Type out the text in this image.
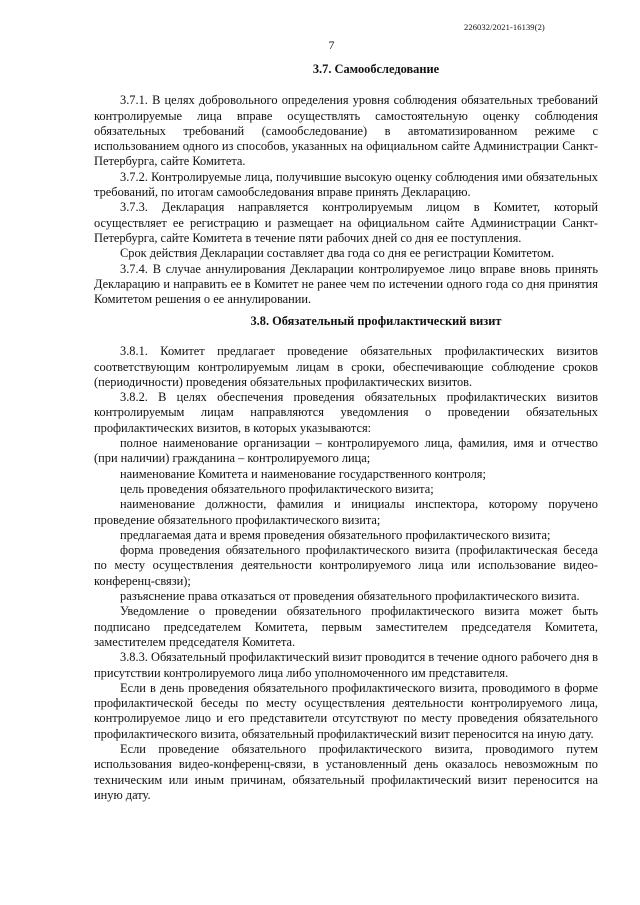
226032/2021-16139(2)
7
3.7. Самообследование

3.7.1. В целях добровольного определения уровня соблюдения обязательных требований контролируемые лица вправе осуществлять самостоятельную оценку соблюдения обязательных требований (самообследование) в автоматизированном режиме с использованием одного из способов, указанных на официальном сайте Администрации Санкт-Петербурга, сайте Комитета.

3.7.2. Контролируемые лица, получившие высокую оценку соблюдения ими обязательных требований, по итогам самообследования вправе принять Декларацию.

3.7.3. Декларация направляется контролируемым лицом в Комитет, который осуществляет ее регистрацию и размещает на официальном сайте Администрации Санкт-Петербурга, сайте Комитета в течение пяти рабочих дней со дня ее поступления.

Срок действия Декларации составляет два года со дня ее регистрации Комитетом.

3.7.4. В случае аннулирования Декларации контролируемое лицо вправе вновь принять Декларацию и направить ее в Комитет не ранее чем по истечении одного года со дня принятия Комитетом решения о ее аннулировании.

3.8. Обязательный профилактический визит

3.8.1. Комитет предлагает проведение обязательных профилактических визитов соответствующим контролируемым лицам в сроки, обеспечивающие соблюдение сроков (периодичности) проведения обязательных профилактических визитов.

3.8.2. В целях обеспечения проведения обязательных профилактических визитов контролируемым лицам направляются уведомления о проведении обязательных профилактических визитов, в которых указываются:

полное наименование организации – контролируемого лица, фамилия, имя и отчество (при наличии) гражданина – контролируемого лица;

наименование Комитета и наименование государственного контроля;

цель проведения обязательного профилактического визита;

наименование должности, фамилия и инициалы инспектора, которому поручено проведение обязательного профилактического визита;

предлагаемая дата и время проведения обязательного профилактического визита;

форма проведения обязательного профилактического визита (профилактическая беседа по месту осуществления деятельности контролируемого лица или использование видео-конференц-связи);

разъяснение права отказаться от проведения обязательного профилактического визита.

Уведомление о проведении обязательного профилактического визита может быть подписано председателем Комитета, первым заместителем председателя Комитета, заместителем председателя Комитета.

3.8.3. Обязательный профилактический визит проводится в течение одного рабочего дня в присутствии контролируемого лица либо уполномоченного им представителя.

Если в день проведения обязательного профилактического визита, проводимого в форме профилактической беседы по месту осуществления деятельности контролируемого лица, контролируемое лицо и его представители отсутствуют по месту проведения обязательного профилактического визита, обязательный профилактический визит переносится на иную дату.

Если проведение обязательного профилактического визита, проводимого путем использования видео-конференц-связи, в установленный день оказалось невозможным по техническим или иным причинам, обязательный профилактический визит переносится на иную дату.
